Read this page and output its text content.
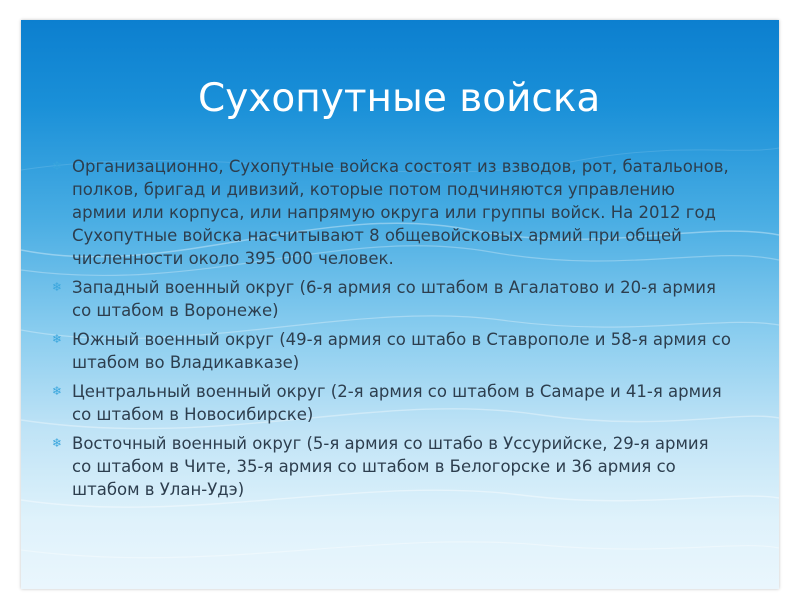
Сухопутные войска
❄ Организационно, Сухопутные войска состоят из взводов, рот, батальонов, полков, бригад и дивизий, которые потом подчиняются управлению армии или корпуса, или напрямую округа или группы войск. На 2012 год Сухопутные войска насчитывают 8 общевойсковых армий при общей численности около 395 000 человек.
❄ Западный военный округ (6-я армия со штабом в Агалатово и 20-я армия со штабом в Воронеже)
❄ Южный военный округ (49-я армия со штабо в Ставрополе и 58-я армия со штабом во Владикавказе)
❄ Центральный военный округ (2-я армия со штабом в Самаре и 41-я армия со штабом в Новосибирске)
❄ Восточный военный округ (5-я армия со штабо в Уссурийске, 29-я армия со штабом в Чите, 35-я армия со штабом в Белогорске и 36 армия со штабом в Улан-Удэ)
